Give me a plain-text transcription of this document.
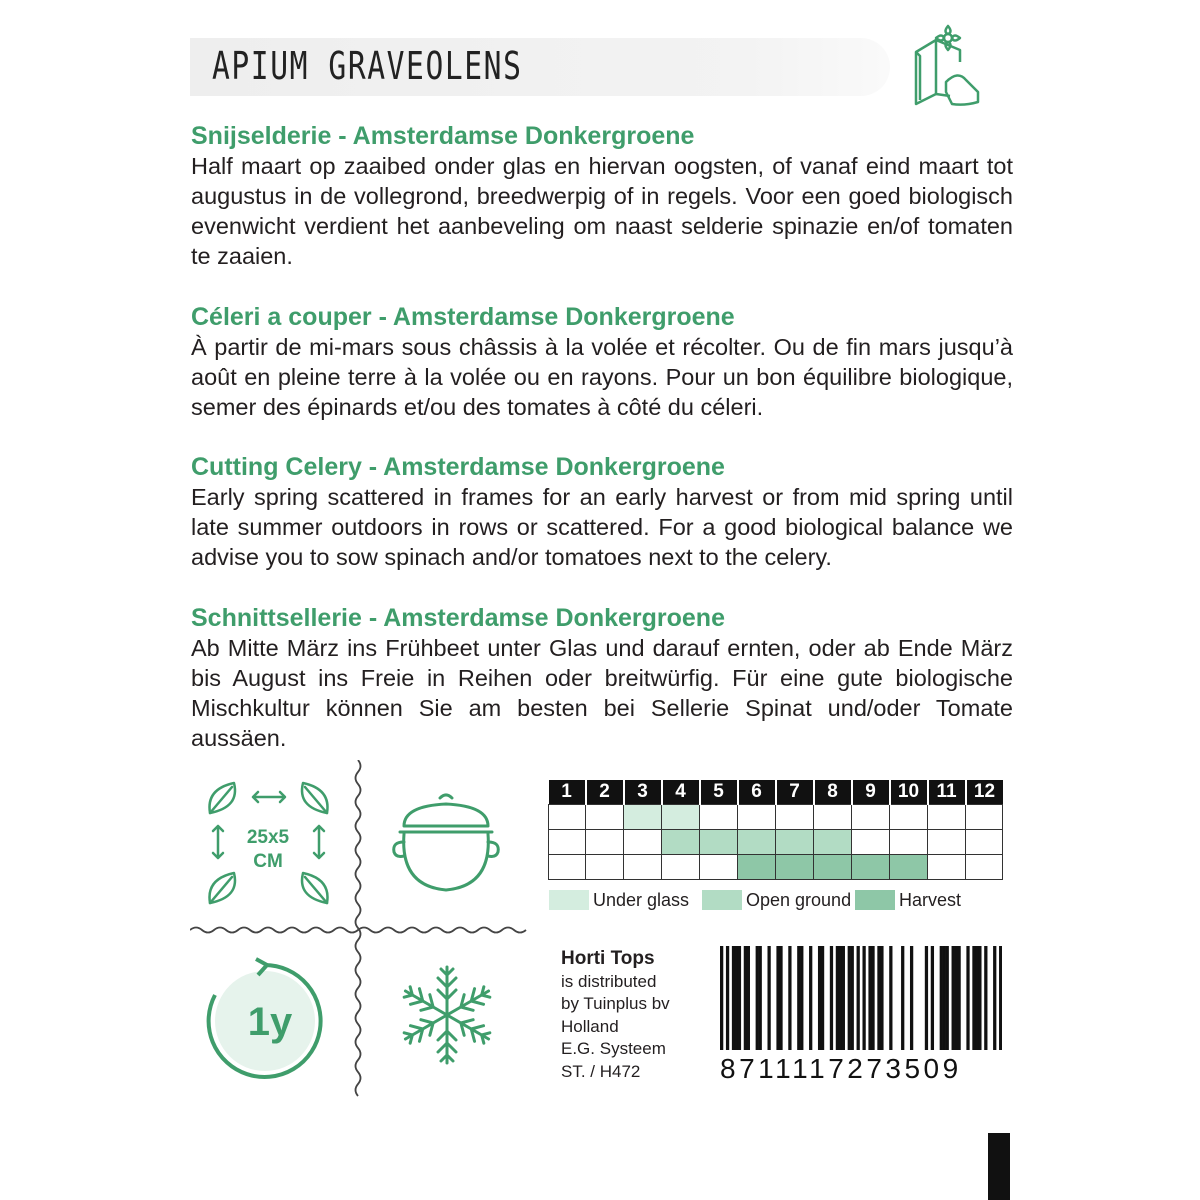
APIUM GRAVEOLENS
Snijselderie - Amsterdamse Donkergroene
Half maart op zaaibed onder glas en hiervan oogsten, of vanaf eind maart tot augustus in de vollegrond, breedwerpig of in regels. Voor een goed biologisch evenwicht verdient het aanbeveling om naast selderie spinazie en/of tomaten te zaaien.
Céleri a couper - Amsterdamse Donkergroene
À partir de mi-mars sous châssis à la volée et récolter. Ou de fin mars jusqu’à août en pleine terre à la volée ou en rayons. Pour un bon équilibre biologique, semer des épinards et/ou des tomates à côté du céleri.
Cutting Celery - Amsterdamse Donkergroene
Early spring scattered in frames for an early harvest or from mid spring until late summer outdoors in rows or scattered. For a good biological balance we advise you to sow spinach and/or tomatoes next to the celery.
Schnittsellerie - Amsterdamse Donkergroene
Ab Mitte März ins Frühbeet unter Glas und darauf ernten, oder ab Ende März bis August ins Freie in Reihen oder breitwürfig. Für eine gute biologische Mischkultur können Sie am besten bei Sellerie Spinat und/oder Tomate aussäen.
25x5
CM
1y
1	2	3	4	5	6	7	8	9	10	11	12

Under glass	Open ground	Harvest
Horti Tops
is distributed
by Tuinplus bv
Holland
E.G. Systeem
ST. / H472	8711117273509
